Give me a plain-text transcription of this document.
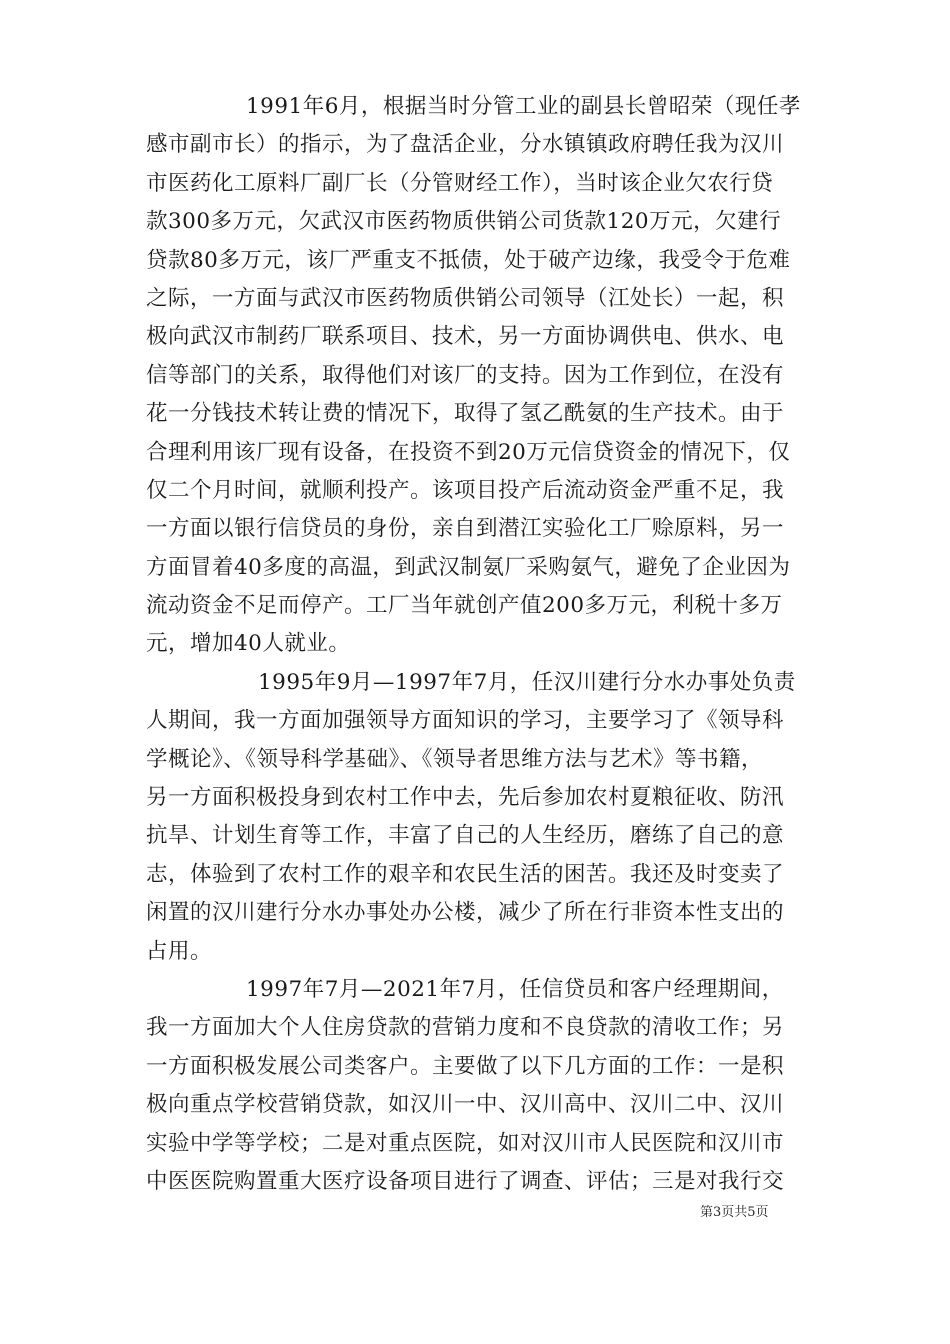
1991年6月，根据当时分管工业的副县长曾昭荣（现任孝
感市副市长）的指示，为了盘活企业，分水镇镇政府聘任我为汉川
市医药化工原料厂副厂长（分管财经工作），当时该企业欠农行贷
款300多万元，欠武汉市医药物质供销公司货款120万元，欠建行
贷款80多万元，该厂严重支不抵债，处于破产边缘，我受令于危难
之际，一方面与武汉市医药物质供销公司领导（江处长）一起，积
极向武汉市制药厂联系项目、技术，另一方面协调供电、供水、电
信等部门的关系，取得他们对该厂的支持。因为工作到位，在没有
花一分钱技术转让费的情况下，取得了氢乙酰氨的生产技术。由于
合理利用该厂现有设备，在投资不到20万元信贷资金的情况下，仅
仅二个月时间，就顺利投产。该项目投产后流动资金严重不足，我
一方面以银行信贷员的身份，亲自到潜江实验化工厂赊原料，另一
方面冒着40多度的高温，到武汉制氨厂采购氨气，避免了企业因为
流动资金不足而停产。工厂当年就创产值200多万元，利税十多万
元，增加40人就业。
1995年9月—1997年7月，任汉川建行分水办事处负责
人期间，我一方面加强领导方面知识的学习，主要学习了《领导科
学概论》、《领导科学基础》、《领导者思维方法与艺术》等书籍，
另一方面积极投身到农村工作中去，先后参加农村夏粮征收、防汛
抗旱、计划生育等工作，丰富了自己的人生经历，磨练了自己的意
志，体验到了农村工作的艰辛和农民生活的困苦。我还及时变卖了
闲置的汉川建行分水办事处办公楼，减少了所在行非资本性支出的
占用。
1997年7月—2021年7月，任信贷员和客户经理期间，
我一方面加大个人住房贷款的营销力度和不良贷款的清收工作；另
一方面积极发展公司类客户。主要做了以下几方面的工作：一是积
极向重点学校营销贷款，如汉川一中、汉川高中、汉川二中、汉川
实验中学等学校；二是对重点医院，如对汉川市人民医院和汉川市
中医医院购置重大医疗设备项目进行了调查、评估；三是对我行交
第3页共5页
